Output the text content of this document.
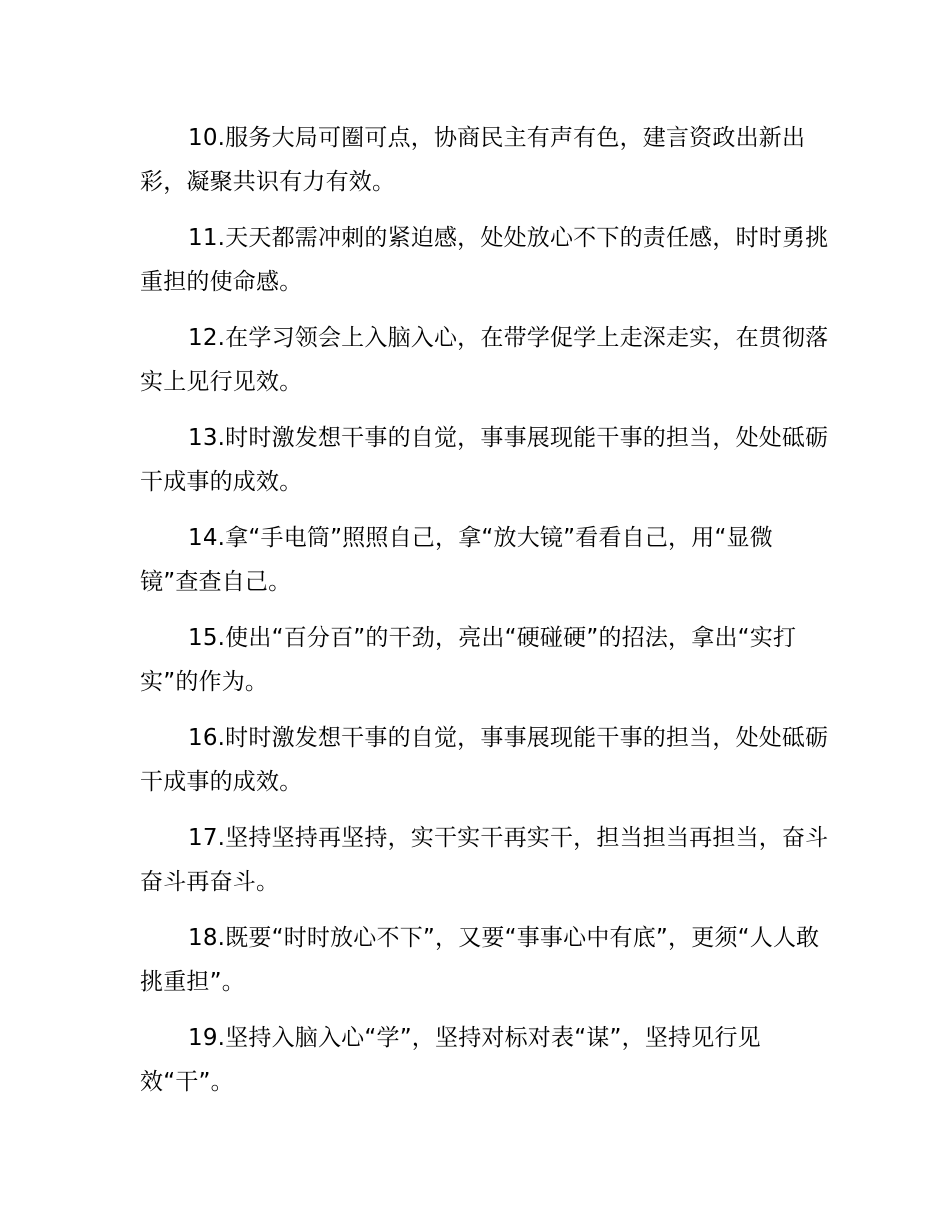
10.服务大局可圈可点，协商民主有声有色，建言资政出新出彩，凝聚共识有力有效。

11.天天都需冲刺的紧迫感，处处放心不下的责任感，时时勇挑重担的使命感。

12.在学习领会上入脑入心，在带学促学上走深走实，在贯彻落实上见行见效。

13.时时激发想干事的自觉，事事展现能干事的担当，处处砥砺干成事的成效。

14.拿“手电筒”照照自己，拿“放大镜”看看自己，用“显微镜”查查自己。

15.使出“百分百”的干劲，亮出“硬碰硬”的招法，拿出“实打实”的作为。

16.时时激发想干事的自觉，事事展现能干事的担当，处处砥砺干成事的成效。

17.坚持坚持再坚持，实干实干再实干，担当担当再担当，奋斗奋斗再奋斗。

18.既要“时时放心不下”，又要“事事心中有底”，更须“人人敢挑重担”。

19.坚持入脑入心“学”，坚持对标对表“谋”，坚持见行见效“干”。
